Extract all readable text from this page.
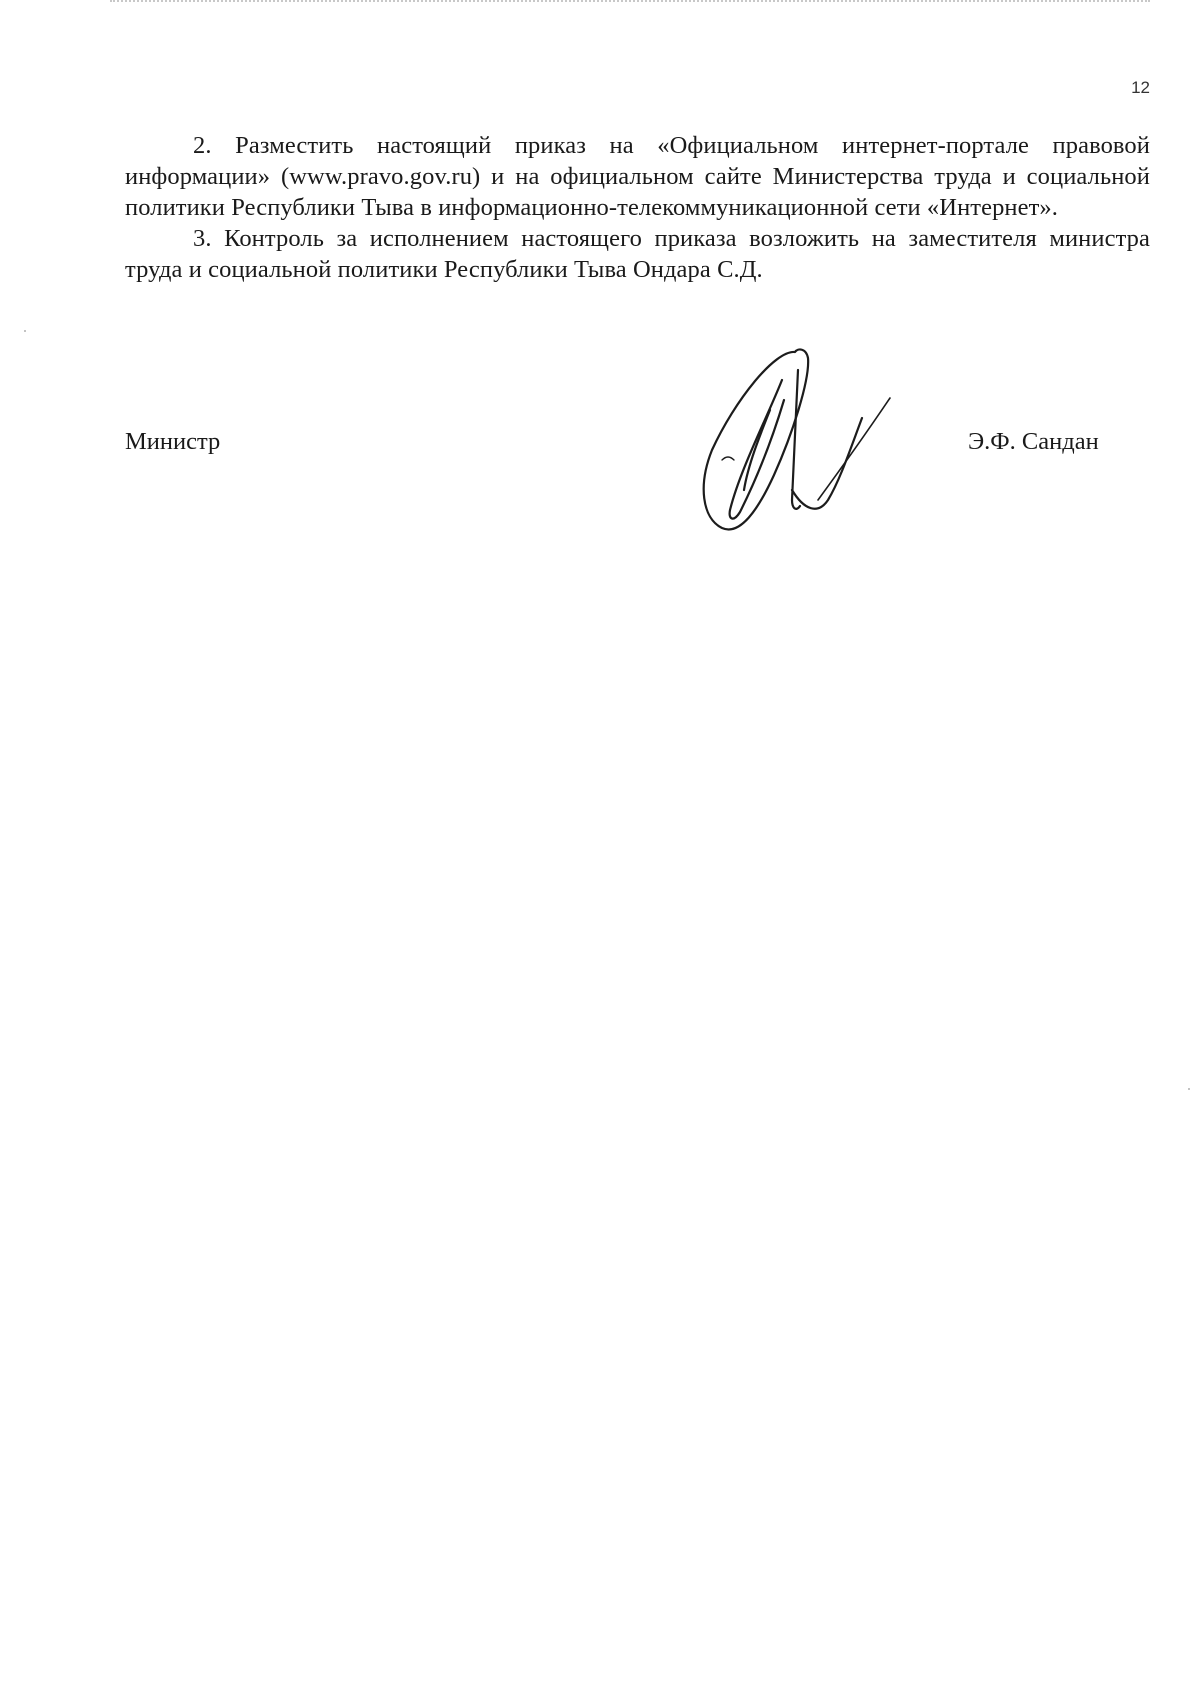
12

2. Разместить настоящий приказ на «Официальном интернет-портале правовой информации» (www.pravo.gov.ru) и на официальном сайте Министерства труда и социальной политики Республики Тыва в информационно-телекоммуникационной сети «Интернет».

3. Контроль за исполнением настоящего приказа возложить на заместителя министра труда и социальной политики Республики Тыва Ондара С.Д.

Министр	Э.Ф. Сандан
